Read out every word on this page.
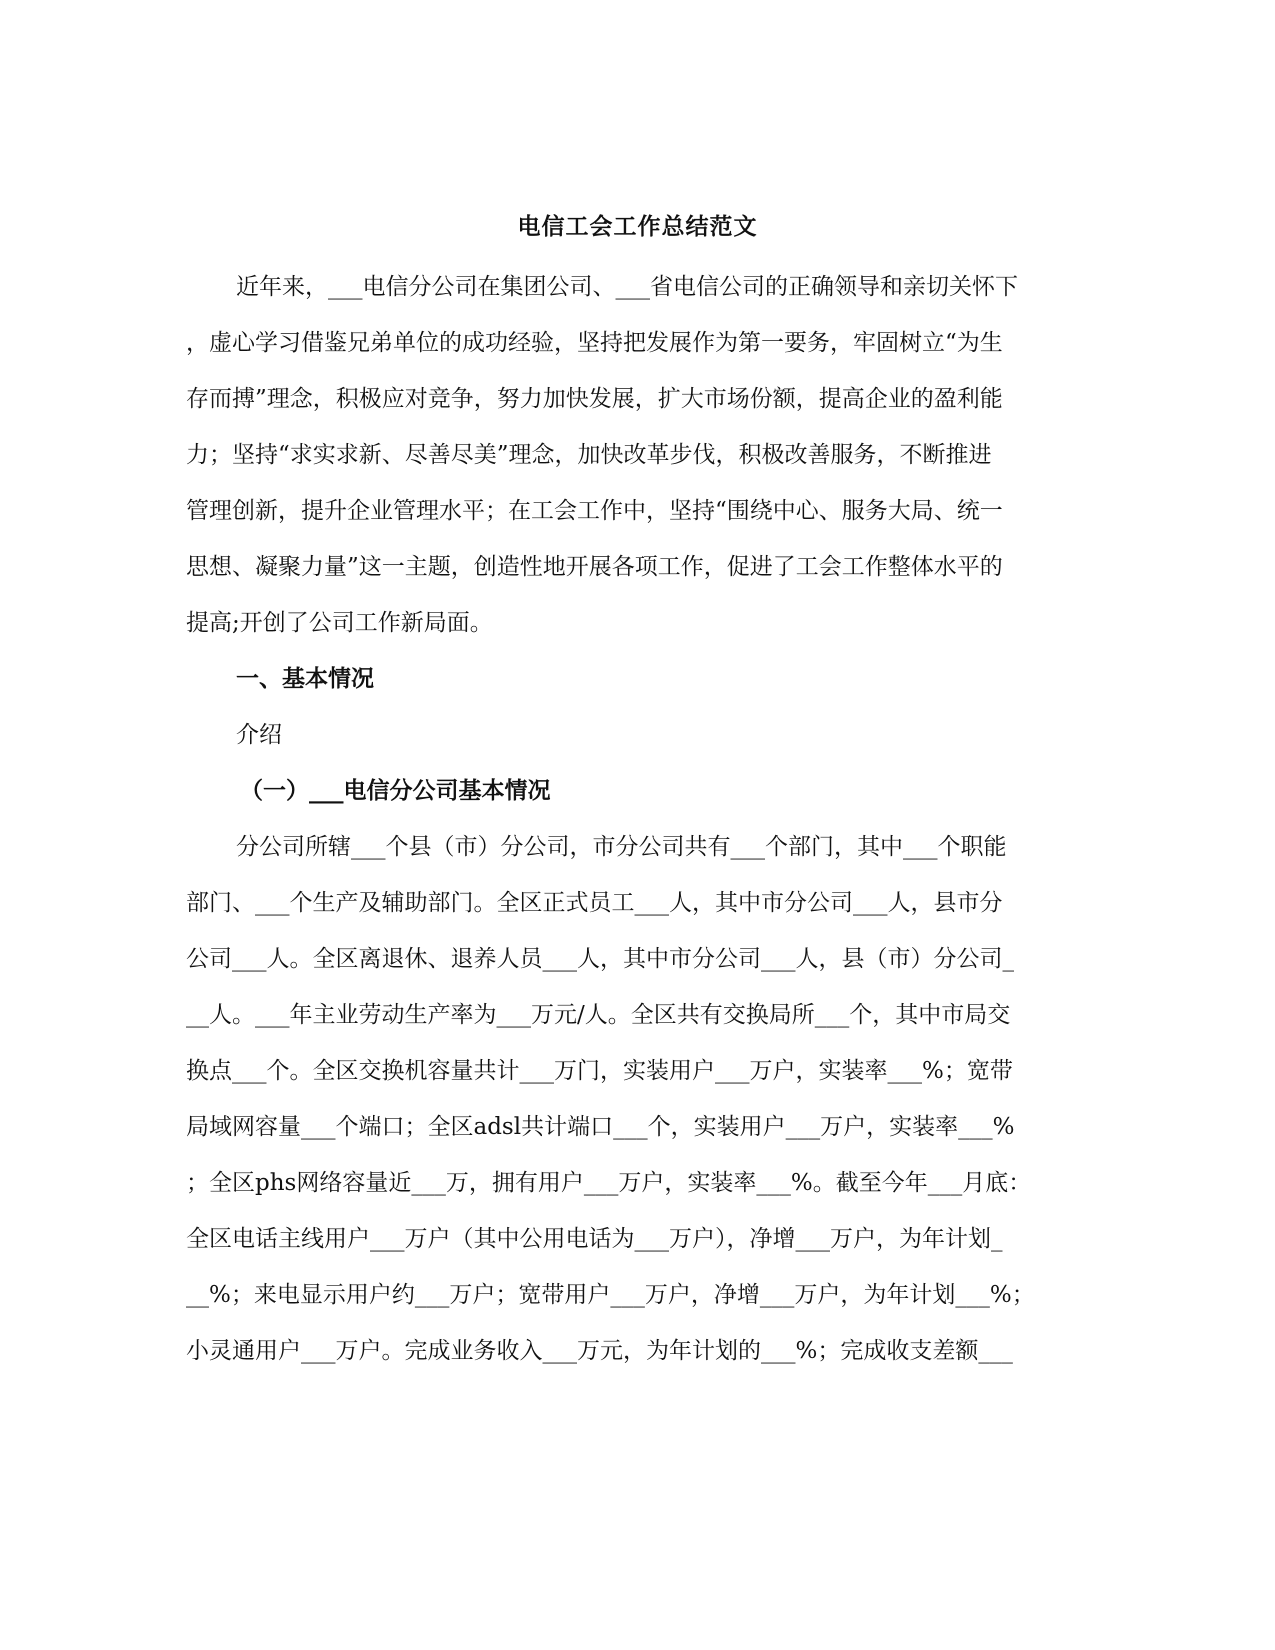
电信工会工作总结范文
近年来，___电信分公司在集团公司、___省电信公司的正确领导和亲切关怀下
，虚心学习借鉴兄弟单位的成功经验，坚持把发展作为第一要务，牢固树立“为生
存而搏”理念，积极应对竞争，努力加快发展，扩大市场份额，提高企业的盈利能
力；坚持“求实求新、尽善尽美”理念，加快改革步伐，积极改善服务，不断推进
管理创新，提升企业管理水平；在工会工作中，坚持“围绕中心、服务大局、统一
思想、凝聚力量”这一主题，创造性地开展各项工作，促进了工会工作整体水平的
提高;开创了公司工作新局面。
一、基本情况
介绍
（一）___电信分公司基本情况
分公司所辖___个县（市）分公司，市分公司共有___个部门，其中___个职能
部门、___个生产及辅助部门。全区正式员工___人，其中市分公司___人，县市分
公司___人。全区离退休、退养人员___人，其中市分公司___人，县（市）分公司_
__人。___年主业劳动生产率为___万元/人。全区共有交换局所___个，其中市局交
换点___个。全区交换机容量共计___万门，实装用户___万户，实装率___%；宽带
局域网容量___个端口；全区adsl共计端口___个，实装用户___万户，实装率___%
；全区phs网络容量近___万，拥有用户___万户，实装率___%。截至今年___月底：
全区电话主线用户___万户（其中公用电话为___万户），净增___万户，为年计划_
__%；来电显示用户约___万户；宽带用户___万户，净增___万户，为年计划___%；
小灵通用户___万户。完成业务收入___万元，为年计划的___%；完成收支差额___
